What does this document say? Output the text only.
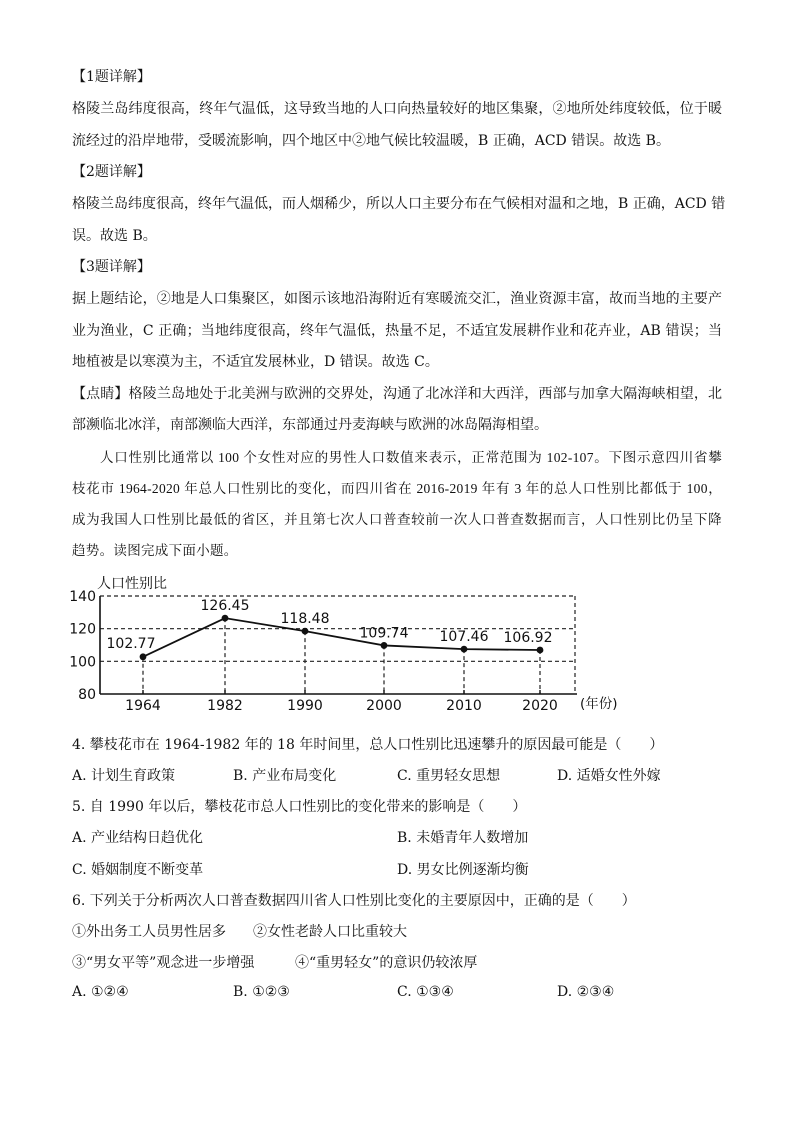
【1题详解】
格陵兰岛纬度很高，终年气温低，这导致当地的人口向热量较好的地区集聚，②地所处纬度较低，位于暖
流经过的沿岸地带，受暖流影响，四个地区中②地气候比较温暖，B 正确，ACD 错误。故选 B。
【2题详解】
格陵兰岛纬度很高，终年气温低，而人烟稀少，所以人口主要分布在气候相对温和之地，B 正确，ACD 错
误。故选 B。
【3题详解】
据上题结论，②地是人口集聚区，如图示该地沿海附近有寒暖流交汇，渔业资源丰富，故而当地的主要产
业为渔业，C 正确；当地纬度很高，终年气温低，热量不足，不适宜发展耕作业和花卉业，AB 错误；当
地植被是以寒漠为主，不适宜发展林业，D 错误。故选 C。
【点睛】格陵兰岛地处于北美洲与欧洲的交界处，沟通了北冰洋和大西洋，西部与加拿大隔海峡相望，北
部濒临北冰洋，南部濒临大西洋，东部通过丹麦海峡与欧洲的冰岛隔海相望。
人口性别比通常以 100 个女性对应的男性人口数值来表示，正常范围为 102-107。下图示意四川省攀
枝花市 1964-2020 年总人口性别比的变化，而四川省在 2016-2019 年有 3 年的总人口性别比都低于 100，
成为我国人口性别比最低的省区，并且第七次人口普查较前一次人口普查数据而言，人口性别比仍呈下降
趋势。读图完成下面小题。
人口性别比
140
120
100
80
1964	1982	1990	2000	2010	2020
102.77
126.45
118.48
109.74 107.46 106.92
(年份)
4. 攀枝花市在 1964-1982 年的 18 年时间里，总人口性别比迅速攀升的原因最可能是（　　）
A. 计划生育政策	B. 产业布局变化	C. 重男轻女思想	D. 适婚女性外嫁
5. 自 1990 年以后，攀枝花市总人口性别比的变化带来的影响是（　　）
A. 产业结构日趋优化	B. 未婚青年人数增加
C. 婚姻制度不断变革	D. 男女比例逐渐均衡
6. 下列关于分析两次人口普查数据四川省人口性别比变化的主要原因中，正确的是（　　）
①外出务工人员男性居多 ②女性老龄人口比重较大
③“男女平等”观念进一步增强	④“重男轻女”的意识仍较浓厚
A. ①②④	B. ①②③	C. ①③④	D. ②③④
